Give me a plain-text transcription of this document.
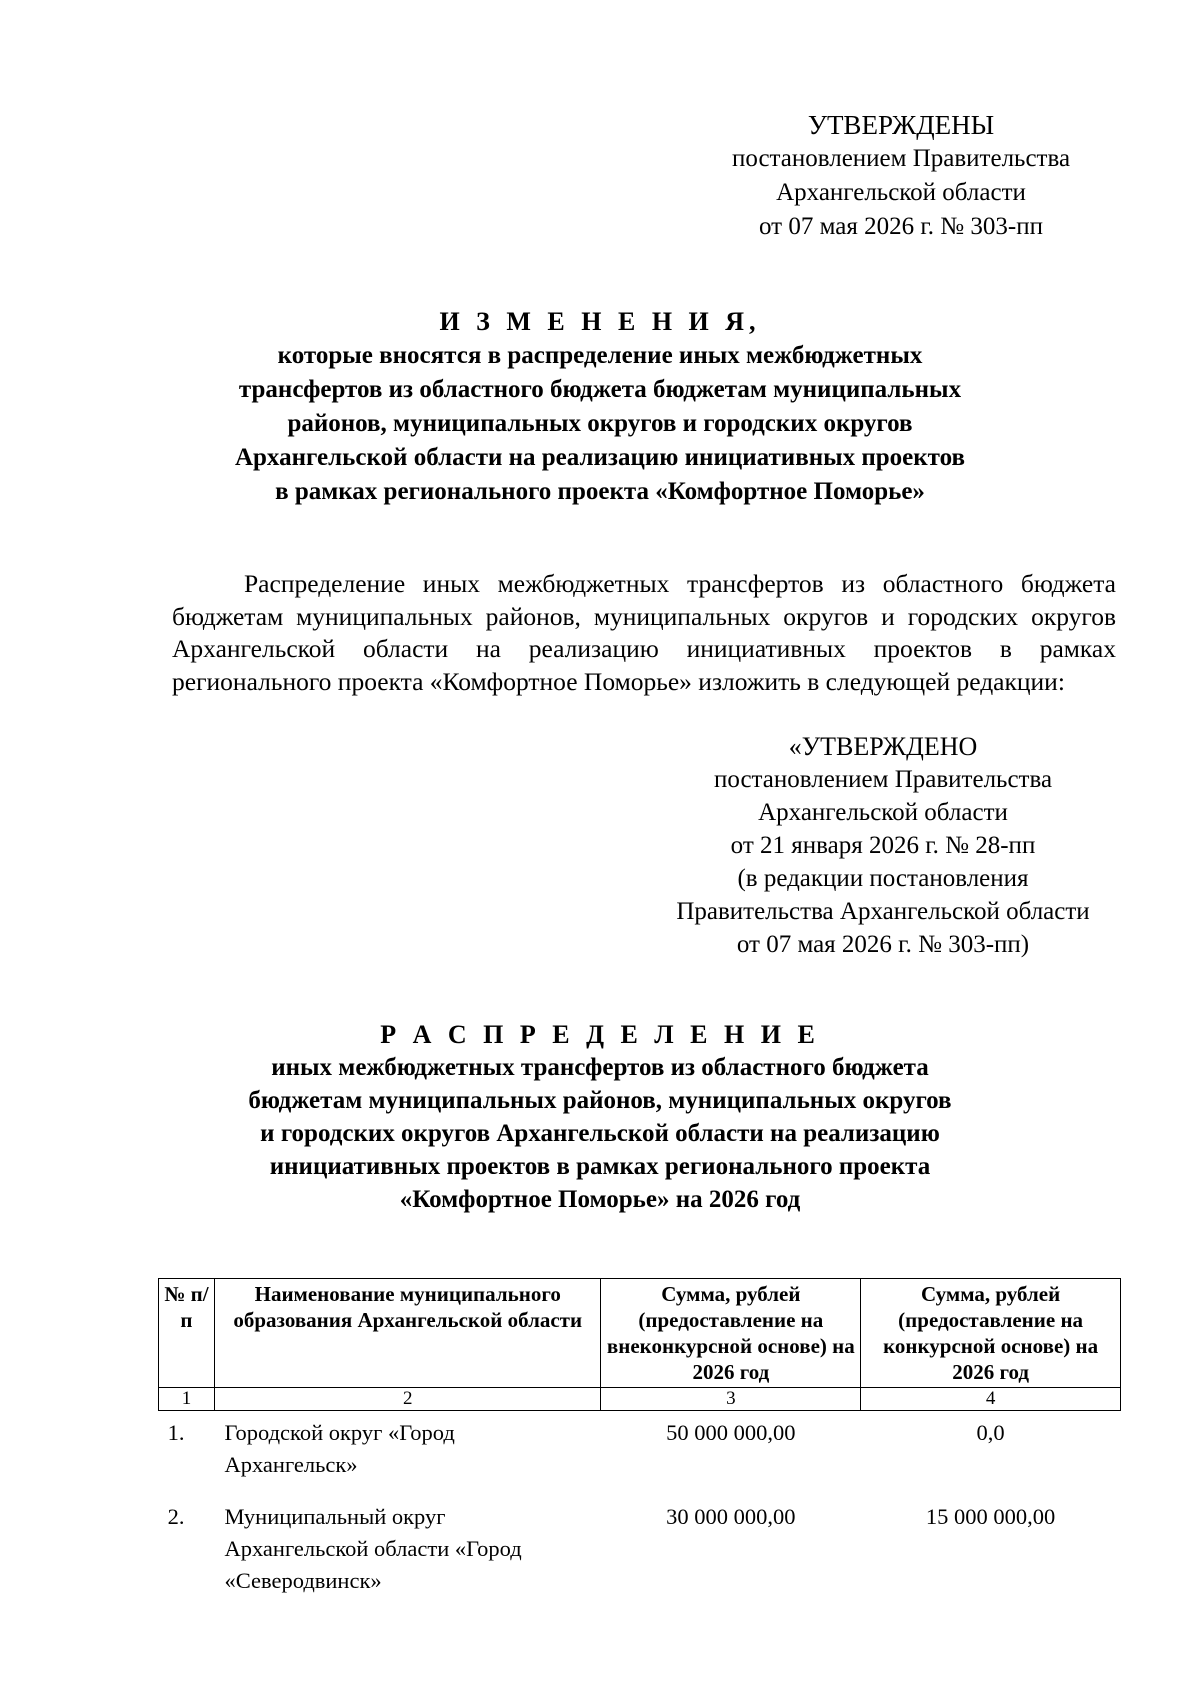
УТВЕРЖДЕНЫ
постановлением Правительства
Архангельской области
от 07 мая 2026 г. № 303-пп
И З М Е Н Е Н И Я,
которые вносятся в распределение иных межбюджетных
трансфертов из областного бюджета бюджетам муниципальных
районов, муниципальных округов и городских округов
Архангельской области на реализацию инициативных проектов
в рамках регионального проекта «Комфортное Поморье»

Распределение иных межбюджетных трансфертов из областного бюджета бюджетам муниципальных районов, муниципальных округов и городских округов Архангельской области на реализацию инициативных проектов в рамках регионального проекта «Комфортное Поморье» изложить в следующей редакции:

«УТВЕРЖДЕНО
постановлением Правительства
Архангельской области
от 21 января 2026 г. № 28-пп
(в редакции постановления
Правительства Архангельской области
от 07 мая 2026 г. № 303-пп)
Р А С П Р Е Д Е Л Е Н И Е
иных межбюджетных трансфертов из областного бюджета
бюджетам муниципальных районов, муниципальных округов
и городских округов Архангельской области на реализацию
инициативных проектов в рамках регионального проекта
«Комфортное Поморье» на 2026 год
№ п/п	Наименование муниципального образования Архангельской области	Сумма, рублей (предоставление на внеконкурсной основе) на 2026 год	Сумма, рублей (предоставление на конкурсной основе) на 2026 год
1	2	3	4
1.	Городской округ «Город Архангельск»	50 000 000,00	0,0
2.	Муниципальный округ Архангельской области «Город «Северодвинск»	30 000 000,00	15 000 000,00
